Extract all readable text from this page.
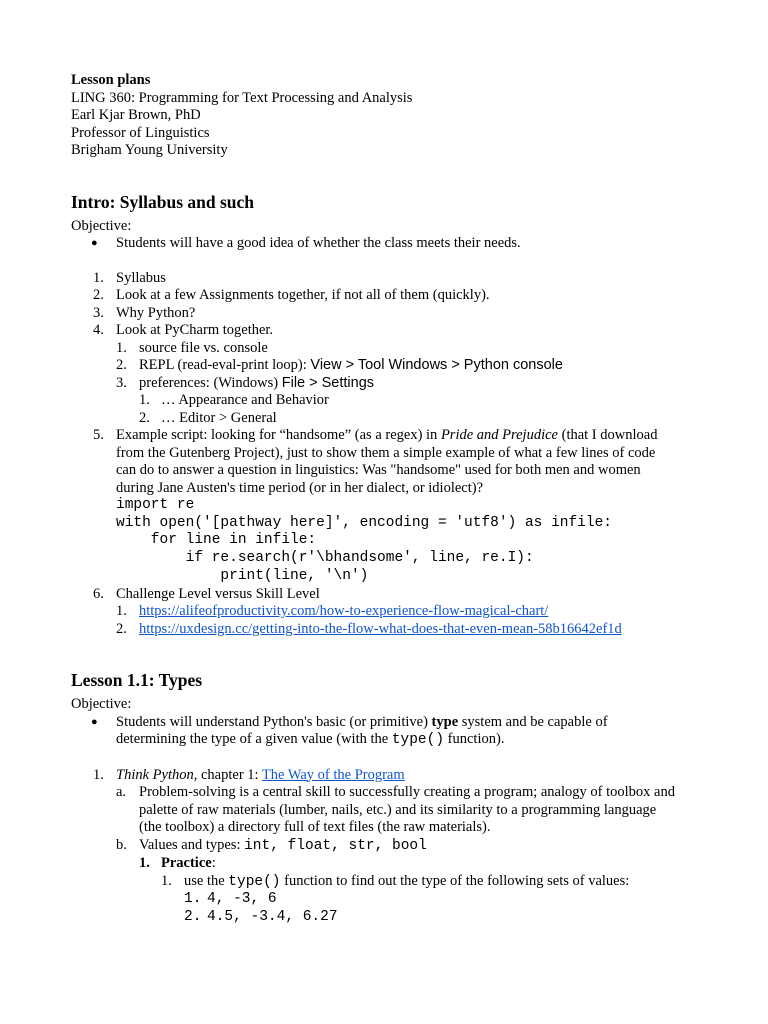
Lesson plans
LING 360: Programming for Text Processing and Analysis
Earl Kjar Brown, PhD
Professor of Linguistics
Brigham Young University
Intro: Syllabus and such
Objective:
● Students will have a good idea of whether the class meets their needs.
1. Syllabus
2. Look at a few Assignments together, if not all of them (quickly).
3. Why Python?
4. Look at PyCharm together.
1. source file vs. console
2. REPL (read-eval-print loop): View > Tool Windows > Python console
3. preferences: (Windows) File > Settings
1. … Appearance and Behavior
2. … Editor > General
5. Example script: looking for “handsome” (as a regex) in Pride and Prejudice (that I download
from the Gutenberg Project), just to show them a simple example of what a few lines of code
can do to answer a question in linguistics: Was "handsome" used for both men and women
during Jane Austen's time period (or in her dialect, or idiolect)?
import re
with open('[pathway here]', encoding = 'utf8') as infile:
for line in infile:
if re.search(r'\bhandsome', line, re.I):
print(line, '\n')
6. Challenge Level versus Skill Level
1. https://alifeofproductivity.com/how-to-experience-flow-magical-chart/
2. https://uxdesign.cc/getting-into-the-flow-what-does-that-even-mean-58b16642ef1d
Lesson 1.1: Types
Objective:
● Students will understand Python's basic (or primitive) type system and be capable of
determining the type of a given value (with the type() function).
1. Think Python, chapter 1: The Way of the Program
a. Problem-solving is a central skill to successfully creating a program; analogy of toolbox and
palette of raw materials (lumber, nails, etc.) and its similarity to a programming language
(the toolbox) a directory full of text files (the raw materials).
b. Values and types: int, float, str, bool
1. Practice:
1. use the type() function to find out the type of the following sets of values:
1. 4, -3, 6
2. 4.5, -3.4, 6.27
